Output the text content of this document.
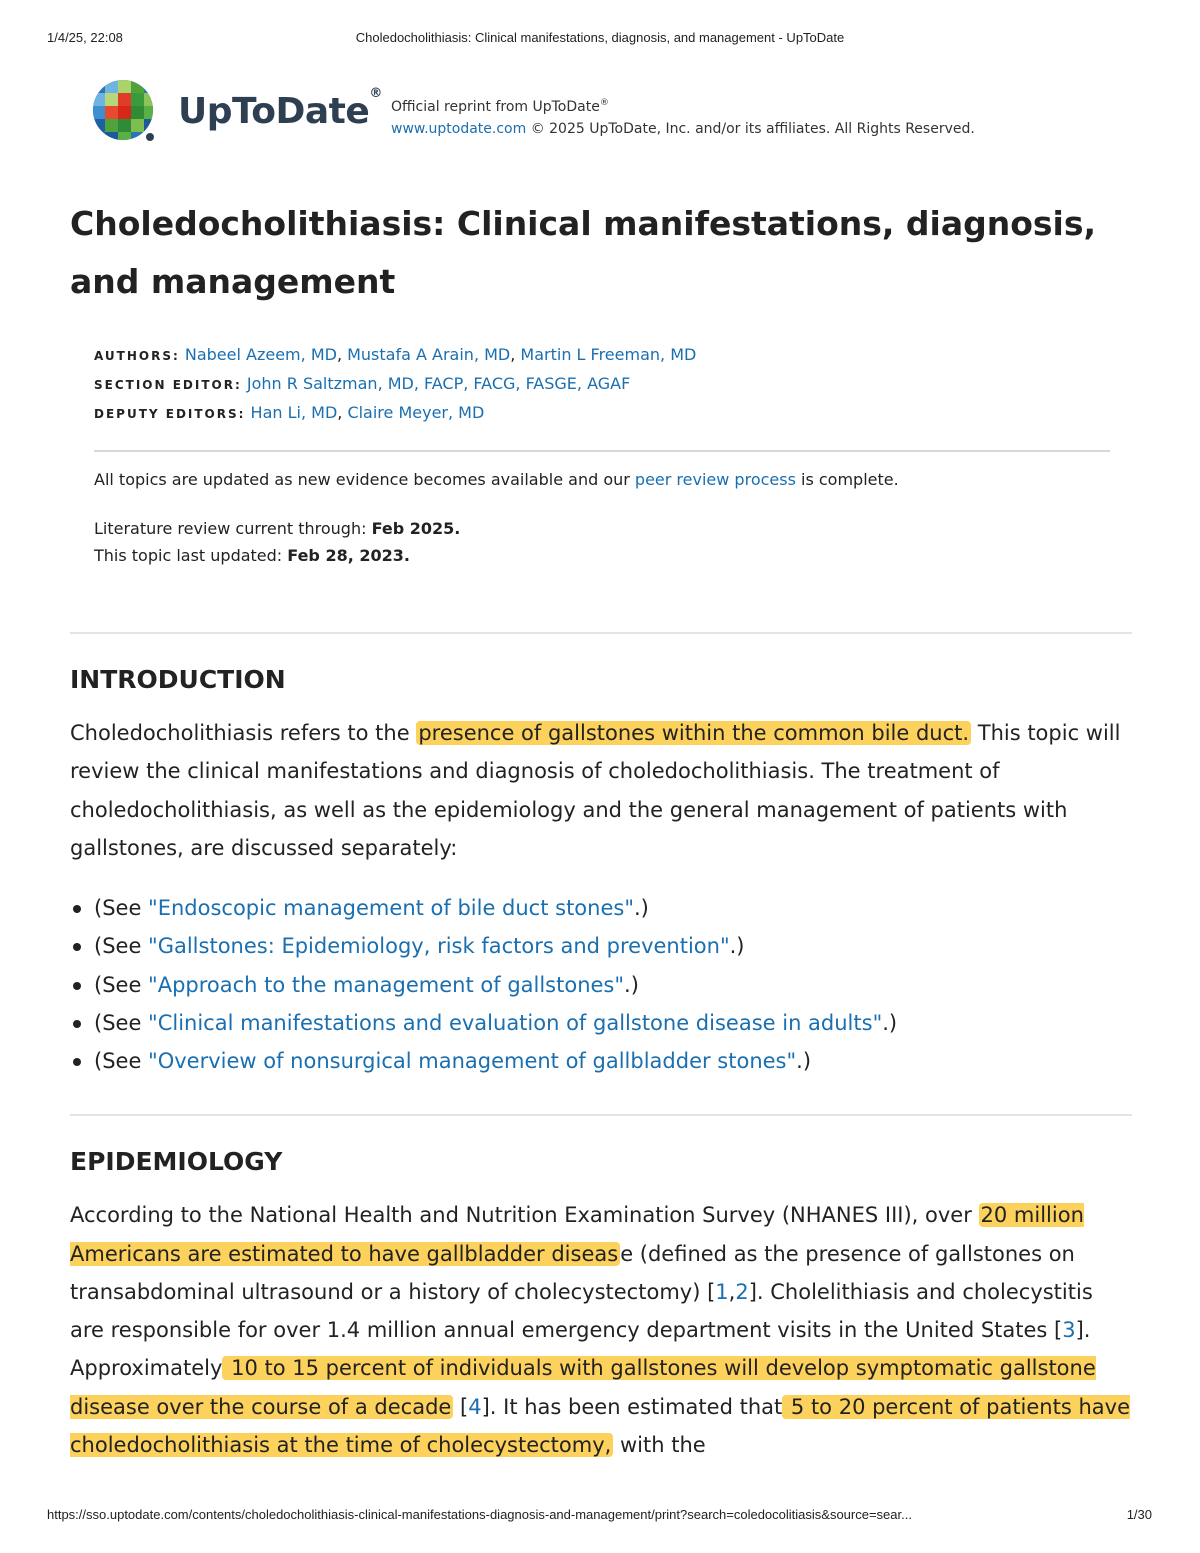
1/4/25, 22:08	Choledocholithiasis: Clinical manifestations, diagnosis, and management - UpToDate
UpToDate®
Official reprint from UpToDate®
www.uptodate.com © 2025 UpToDate, Inc. and/or its affiliates. All Rights Reserved.
Choledocholithiasis: Clinical manifestations, diagnosis, and management
AUTHORS: Nabeel Azeem, MD, Mustafa A Arain, MD, Martin L Freeman, MD
SECTION EDITOR: John R Saltzman, MD, FACP, FACG, FASGE, AGAF
DEPUTY EDITORS: Han Li, MD, Claire Meyer, MD
All topics are updated as new evidence becomes available and our peer review process is complete.
Literature review current through: Feb 2025.
This topic last updated: Feb 28, 2023.
INTRODUCTION
Choledocholithiasis refers to the presence of gallstones within the common bile duct. This topic will review the clinical manifestations and diagnosis of choledocholithiasis. The treatment of choledocholithiasis, as well as the epidemiology and the general management of patients with gallstones, are discussed separately:
(See "Endoscopic management of bile duct stones".)
(See "Gallstones: Epidemiology, risk factors and prevention".)
(See "Approach to the management of gallstones".)
(See "Clinical manifestations and evaluation of gallstone disease in adults".)
(See "Overview of nonsurgical management of gallbladder stones".)
EPIDEMIOLOGY
According to the National Health and Nutrition Examination Survey (NHANES III), over 20 million Americans are estimated to have gallbladder disease (defined as the presence of gallstones on transabdominal ultrasound or a history of cholecystectomy) [1,2]. Cholelithiasis and cholecystitis are responsible for over 1.4 million annual emergency department visits in the United States [3]. Approximately 10 to 15 percent of individuals with gallstones will develop symptomatic gallstone disease over the course of a decade [4]. It has been estimated that 5 to 20 percent of patients have choledocholithiasis at the time of cholecystectomy, with the
https://sso.uptodate.com/contents/choledocholithiasis-clinical-manifestations-diagnosis-and-management/print?search=coledocolitiasis&source=sear...	1/30
